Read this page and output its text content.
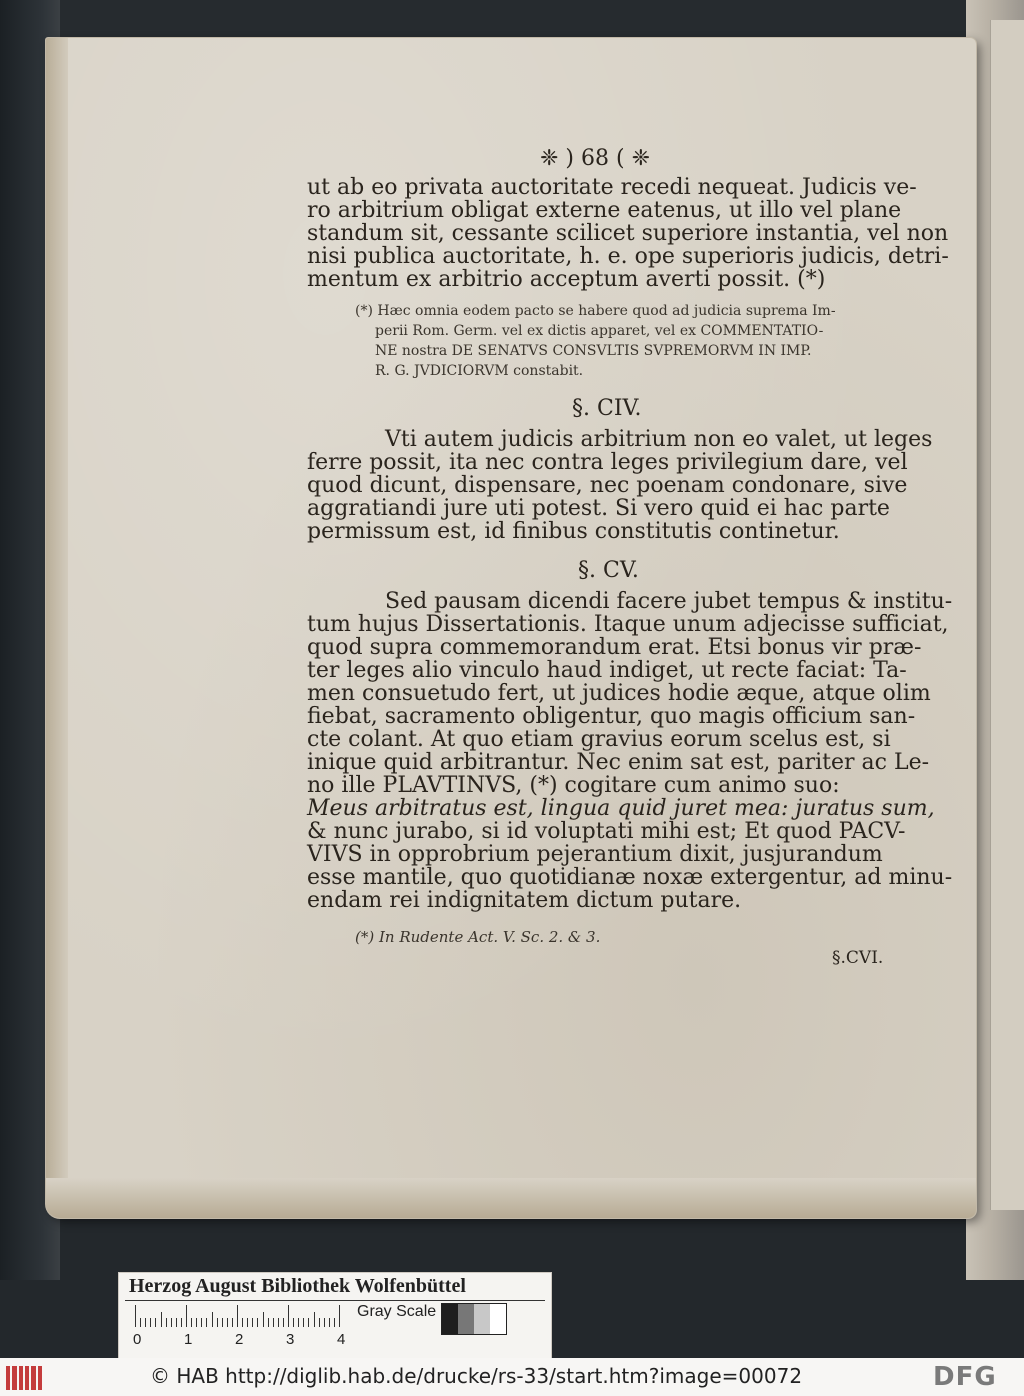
❈ ) 68 ( ❈
ut ab eo privata auctoritate recedi nequeat. Judicis ve-
ro arbitrium obligat externe eatenus, ut illo vel plane
standum sit, cessante scilicet superiore instantia, vel non
nisi publica auctoritate, h. e. ope superioris judicis, detri-
mentum ex arbitrio acceptum averti possit. (*)
(*) Hæc omnia eodem pacto se habere quod ad judicia suprema Im-
perii Rom. Germ. vel ex dictis apparet, vel ex COMMENTATIO-
NE nostra DE SENATVS CONSVLTIS SVPREMORVM IN IMP.
R. G. JVDICIORVM constabit.
§. CIV.
Vti autem judicis arbitrium non eo valet, ut leges
ferre possit, ita nec contra leges privilegium dare, vel
quod dicunt, dispensare, nec poenam condonare, sive
aggratiandi jure uti potest. Si vero quid ei hac parte
permissum est, id finibus constitutis continetur.
§. CV.
Sed pausam dicendi facere jubet tempus & institu-
tum hujus Dissertationis. Itaque unum adjecisse sufficiat,
quod supra commemorandum erat. Etsi bonus vir præ-
ter leges alio vinculo haud indiget, ut recte faciat: Ta-
men consuetudo fert, ut judices hodie æque, atque olim
fiebat, sacramento obligentur, quo magis officium san-
cte colant. At quo etiam gravius eorum scelus est, si
inique quid arbitrantur. Nec enim sat est, pariter ac Le-
no ille PLAVTINVS, (*) cogitare cum animo suo:
Meus arbitratus est, lingua quid juret mea: juratus sum,
& nunc jurabo, si id voluptati mihi est; Et quod PACV-
VIVS in opprobrium pejerantium dixit, jusjurandum
esse mantile, quo quotidianæ noxæ extergentur, ad minu-
endam rei indignitatem dictum putare.
(*) In Rudente Act. V. Sc. 2. & 3.
§.CVI.
Herzog August Bibliothek Wolfenbüttel
0	1	2	3	4
Gray Scale
© HAB http://diglib.hab.de/drucke/rs-33/start.htm?image=00072	DFG
